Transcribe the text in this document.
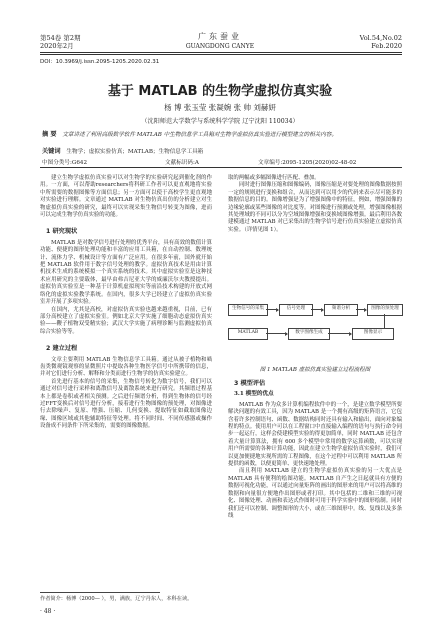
第54卷 第2期
2020年2月
广东蚕业
GUANGDONG CANYE
Vol.54,No.02
Feb.2020
DOI：10.3969/j.issn.2095-1205.2020.02.31
基于 MATLAB 的生物学虚拟仿真实验
杨 博 张玉莹 张凝婉 张 帅 刘赫妍
（沈阳师范大学数学与系统科学学院 辽宁沈阳 110034）
摘 要 文章讲述了利用高级数学软件 MATLAB 中生物信息学工具箱对生物学虚拟仿真实验进行模型建立的相关内容。
关键词 生物学；虚拟实验仿真；MATLAB；生物信息学工具箱
中图分类号:G642	文献标识码:A	文章编号:2095-1205(2020)02-48-02

建立生物学虚拟仿真实验可以对生物学的实验研究起到催化剂的作用。一方面，可以帮助researchers将科研工作者可以更直观地将实验中所需要的数据图像等方面信息；另一方面可以使于高校学生更直观地对实验进行理解。文章通过 MATLAB 对生物仿真出仿的分析建立对生物虚拟仿真实验的研究，最终可以实现采集生物信号转变为图像，进而可以完成生物学仿真实验的功能。

1 研究现状

MATLAB 是对数学信号进行处理的优秀平台，具有高效的数值计算功能、便捷的图形处理功能和丰富的应用工具箱，在自动控制、数理统计、流体力学、机械设计等方面有广泛应用。在很多年前，国外就开始把 MATLAB 软件用于数字信号处理的教学。虚拟仿真技术是用由计算机技术生成的系统模拟一个真实系统的技术。其中虚拟实验室是这种技术应用研究的主要载体，最早由弗吉尼亚大学的威廉沃尔夫教授提出。虚拟仿真实验室是一种基于计算机虚拟现实等前沿技术构建的开放式网络化的虚拟实验教学系统。在国内，很多大学已经建立了虚拟仿真实验室并开展了多项实验。

在国内，尤其是高校，对虚拟仿真实验也越来越重视，目前，已有部分高校建立了虚拟实验室。例如北京大学实施了细胞动态虚拟仿真实验——鞭子植物双受精实验；武汉大学实施了病理诊断与监测虚拟仿真综合实验等等。

2 建立过程

文章主要利用 MATLAB 生物信息学工具箱。通过从被子植物和啮齿类微观镜观察的显微照片中提取各种生物医学信号中所携带的信息，并对它们进行分析、解释和分类而进行生物学的仿真实验建立。

首先进行基本的信号的采集，生物信号转化为数字信号，我们可以通过对信号进行采样和离散信号及离散系统来进行研究。其频谱过程基本上都是卷积或者相关预测。之后进行频谱分析，得到生物体的信号经过FFT变换后对信号进行分析，接着进行生物图像的预处理，对图像进行去除噪声、复原、增强、压缩、几何变换、提取特征如截取图像边缘、图像区域或其他辅助特征等处理。将不同时间、不同传感器或操作设备成不同条件下所采集的，需要的图像数据。

取的两幅或多幅图像进行匹配、叠加。

同时进行图像压缩和图像编码，图像压缩是对要处理的图像数据按照一定的规则进行变换和组合，从而达到可以用少的代码来表示尽可能多的数据信息的目的。图像增强是为了增强图像中的特征，例如，增强图像的边缘轮廓或某些图像的对比度等。对图像进行预测或处理，增强图像根据其处理域的不同可以分为空域图像增强和变换域图像增强。最后利用各数建模通过 MATLAB 对已采集出的生物学信号进行仿真实验建立虚拟仿真实验。（详情见图 1）。

生物信号的采集	信号处理	频谱分析	图像的预处理
MATLAB	数字图像生成	图像显示
图 1 MATLAB 虚拟仿真实验建立过程流程图
3 模型评估
3.1 模型的优点

MATLAB 作为众多计算机编程软件中的一个，是建立数学模型所要解决问题的有效工具，因为 MATLAB 是一个拥有高级的矩阵语言，它包含着许多控制语句、函数、数据结构同时还具有输入和输出，面向对象编程的特点。使用用户可以在工程窗口中直接输入编程的语句与执行命令同步一起运行，这样会使建模型实验的得更加简单，同时 MATLAB 还包含着大量计算算法，拥有 600 多个模型中常用的数学运算函数，可以实现用户所需要的各种计算功能，因此在建立生物学虚拟仿真实验时，我们可以更加便捷地实现所需的工程图像，在这个过程中可以利用 MATLAB 所提供的函数，以便更简单、更快速地处理。

而且利用 MATLAB 建立的生物学虚拟仿真实验的另一大优点是 MATLAB 具有便利的绘图功能。MATLAB 自产生之日起就具有方便的数据可视化功能，可以通过向量矩阵的画出的图形来的用户可以将高维的数据和向量很方便地作出图形或者打印。其中包括的二维和三维的可视化、图像处理、动画和表达式作图时可用于科学实验中的图形绘制。同时我们还可以控制、调整图形的大小，或在三维图形中。线、复线以及多条线

作者简介：杨博（2000— ），男，满族，辽宁丹东人，本科在读。
· 48 ·
